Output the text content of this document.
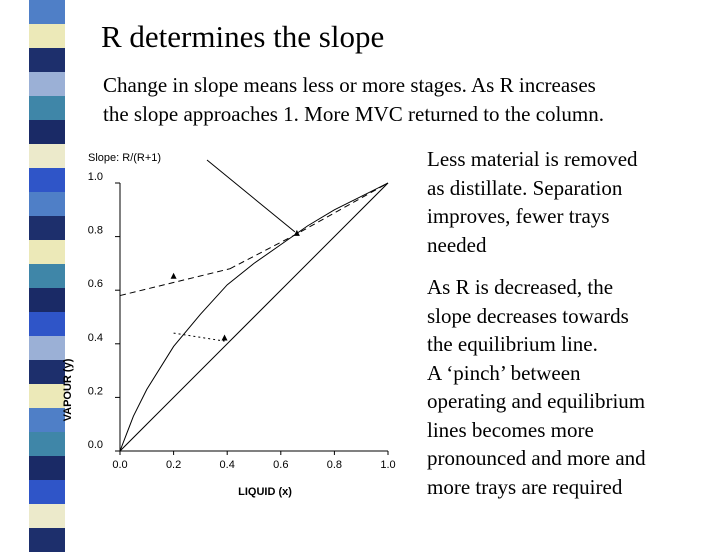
R determines the slope
Change in slope means less or more stages. As R increases
the slope approaches 1. More MVC returned to the column.
Slope: R/(R+1)
0.0	0.2	0.4	0.6	0.8	1.0
0.0
0.2
0.4
0.6
0.8
1.0
LIQUID (x)
VAPOUR (y)
Less material is removed
as distillate. Separation
improves, fewer trays
needed
As R is decreased, the
slope decreases towards
the equilibrium line.
A ‘pinch’ between
operating and equilibrium
lines becomes more
pronounced and more and
more trays are required
